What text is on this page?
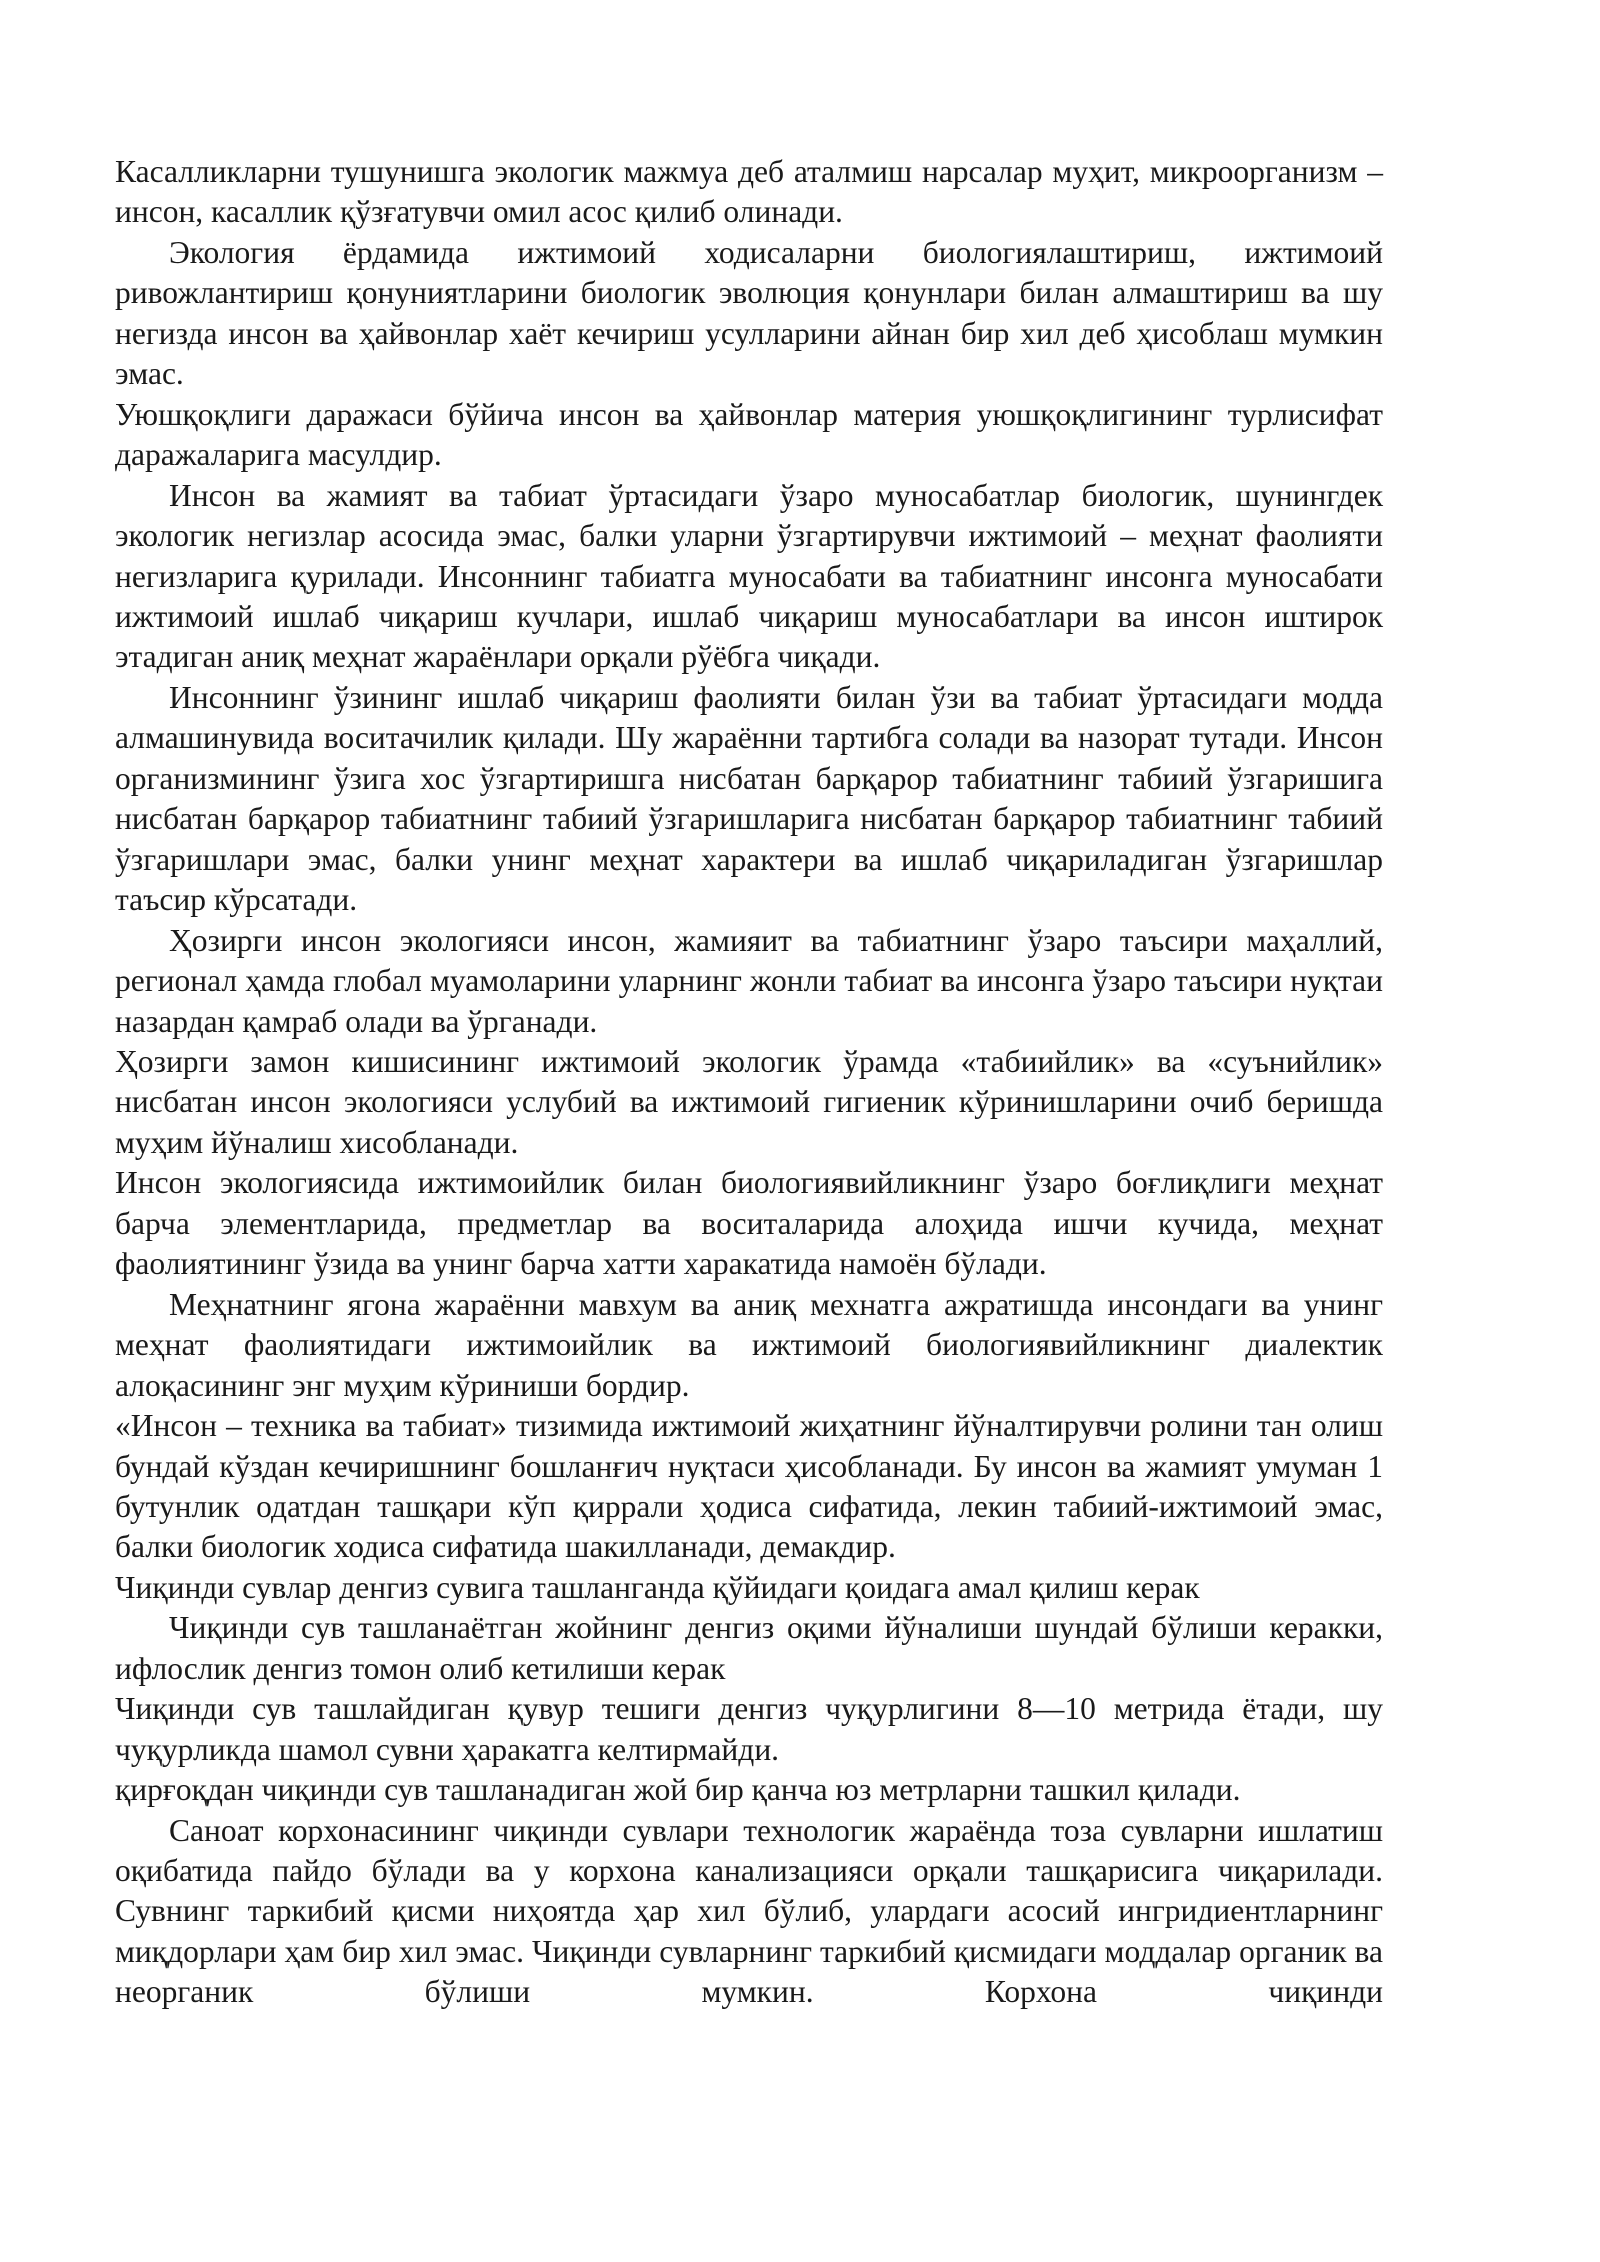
Касалликларни тушунишга экологик мажмуа деб аталмиш нарсалар муҳит, микроорганизм – инсон, касаллик қўзғатувчи омил асос қилиб олинади.

Экология ёрдамида ижтимоий ходисаларни биологиялаштириш, ижтимоий ривожлантириш қонуниятларини биологик эволюция қонунлари билан алмаштириш ва шу негизда инсон ва ҳайвонлар хаёт кечириш усулларини айнан бир хил деб ҳисоблаш мумкин эмас.

Уюшқоқлиги даражаси бўйича инсон ва ҳайвонлар материя уюшқоқлигининг турлисифат даражаларига масулдир.

Инсон ва жамият ва табиат ўртасидаги ўзаро муносабатлар биологик, шунингдек экологик негизлар асосида эмас, балки уларни ўзгартирувчи ижтимоий – меҳнат фаолияти негизларига қурилади. Инсоннинг табиатга муносабати ва табиатнинг инсонга муносабати ижтимоий ишлаб чиқариш кучлари, ишлаб чиқариш муносабатлари ва инсон иштирок этадиган аниқ меҳнат жараёнлари орқали рўёбга чиқади.

Инсоннинг ўзининг ишлаб чиқариш фаолияти билан ўзи ва табиат ўртасидаги модда алмашинувида воситачилик қилади. Шу жараённи тартибга солади ва назорат тутади. Инсон организмининг ўзига хос ўзгартиришга нисбатан барқарор табиатнинг табиий ўзгаришига нисбатан барқарор табиатнинг табиий ўзгаришларига нисбатан барқарор табиатнинг табиий ўзгаришлари эмас, балки унинг меҳнат характери ва ишлаб чиқариладиган ўзгаришлар таъсир кўрсатади.

Ҳозирги инсон экологияси инсон, жамияит ва табиатнинг ўзаро таъсири маҳаллий, регионал ҳамда глобал муамоларини уларнинг жонли табиат ва инсонга ўзаро таъсири нуқтаи назардан қамраб олади ва ўрганади.

Ҳозирги замон кишисининг ижтимоий экологик ўрамда «табиийлик» ва «суънийлик» нисбатан инсон экологияси услубий ва ижтимоий гигиеник кўринишларини очиб беришда муҳим йўналиш хисобланади.

Инсон экологиясида ижтимоийлик билан биологиявийликнинг ўзаро боғлиқлиги меҳнат барча элементларида, предметлар ва воситаларида алоҳида ишчи кучида, меҳнат фаолиятининг ўзида ва унинг барча хатти харакатида намоён бўлади.

Меҳнатнинг ягона жараённи мавхум ва аниқ мехнатга ажратишда инсондаги ва унинг меҳнат фаолиятидаги ижтимоийлик ва ижтимоий биологиявийликнинг диалектик алоқасининг энг муҳим кўриниши бордир.

«Инсон – техника ва табиат» тизимида ижтимоий жиҳатнинг йўналтирувчи ролини тан олиш бундай кўздан кечиришнинг бошланғич нуқтаси ҳисобланади. Бу инсон ва жамият умуман 1 бутунлик одатдан ташқари кўп қиррали ҳодиса сифатида, лекин табиий-ижтимоий эмас, балки биологик ходиса сифатида шакилланади, демакдир.

Чиқинди сувлар денгиз сувига ташланганда қўйидаги қоидага амал қилиш керак

Чиқинди сув ташланаётган жойнинг денгиз оқими йўналиши шундай бўлиши керакки, ифлослик денгиз томон олиб кетилиши керак

Чиқинди сув ташлайдиган қувур тешиги денгиз чуқурлигини 8—10 метрида ётади, шу чуқурликда шамол сувни ҳаракатга келтирмайди.

қирғоқдан чиқинди сув ташланадиган жой бир қанча юз метрларни ташкил қилади.

Саноат корхонасининг чиқинди сувлари технологик жараёнда тоза сувларни ишлатиш оқибатида пайдо бўлади ва у корхона канализацияси орқали ташқарисига чиқарилади. Сувнинг таркибий қисми ниҳоятда ҳар хил бўлиб, улардаги асосий ингридиентларнинг миқдорлари ҳам бир хил эмас. Чиқинди сувларнинг таркибий қисмидаги моддалар органик ва неорганик бўлиши мумкин. Корхона чиқинди
